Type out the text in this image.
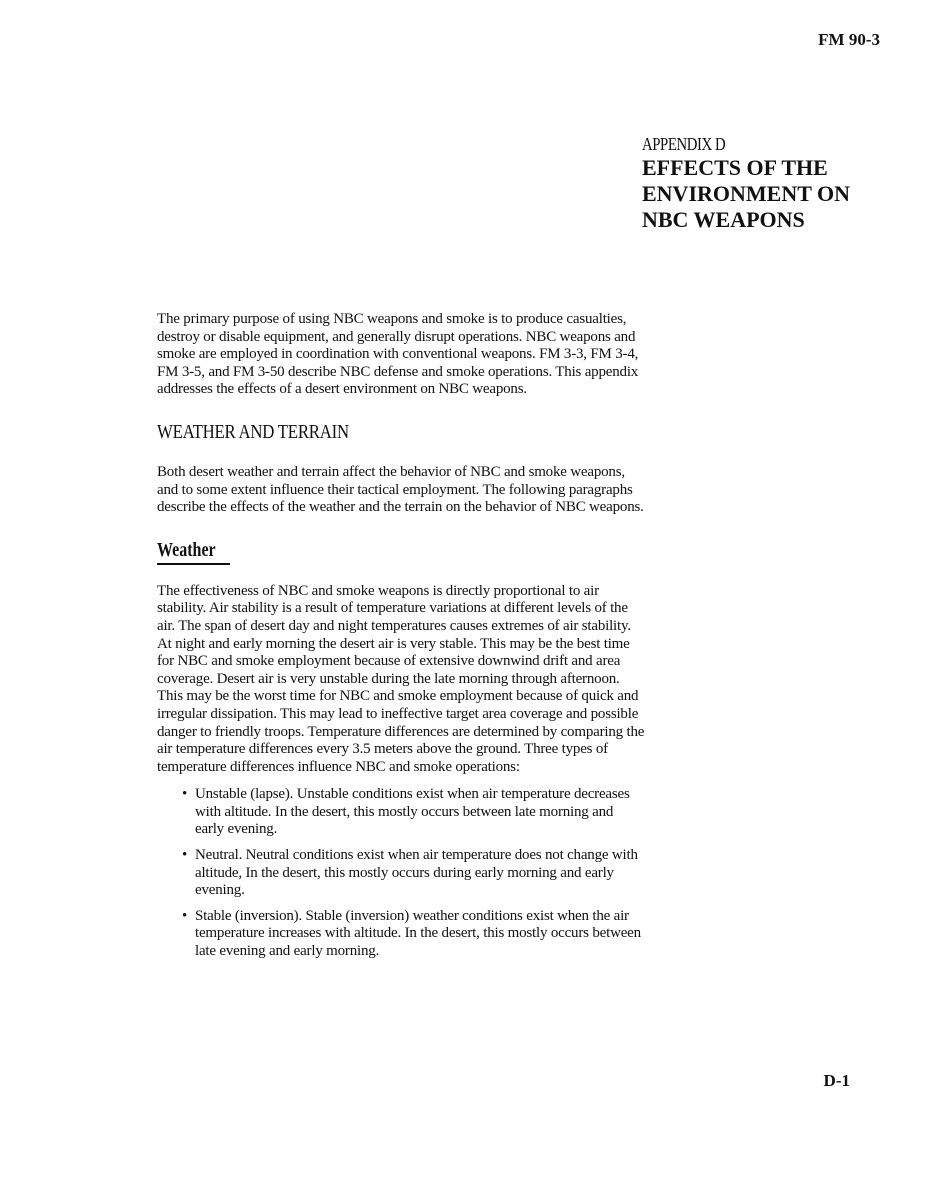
FM 90-3
APPENDIX D
EFFECTS OF THE
ENVIRONMENT ON
NBC WEAPONS

The primary purpose of using NBC weapons and smoke is to produce casualties, destroy or disable equipment, and generally disrupt operations. NBC weapons and smoke are employed in coordination with conventional weapons. FM 3-3, FM 3-4, FM 3-5, and FM 3-50 describe NBC defense and smoke operations. This appendix addresses the effects of a desert environment on NBC weapons.

WEATHER AND TERRAIN

Both desert weather and terrain affect the behavior of NBC and smoke weapons, and to some extent influence their tactical employment. The following paragraphs describe the effects of the weather and the terrain on the behavior of NBC weapons.

Weather

The effectiveness of NBC and smoke weapons is directly proportional to air stability. Air stability is a result of temperature variations at different levels of the air. The span of desert day and night temperatures causes extremes of air stability. At night and early morning the desert air is very stable. This may be the best time for NBC and smoke employment because of extensive downwind drift and area coverage. Desert air is very unstable during the late morning through afternoon. This may be the worst time for NBC and smoke employment because of quick and irregular dissipation. This may lead to ineffective target area coverage and possible danger to friendly troops. Temperature differences are determined by comparing the air temperature differences every 3.5 meters above the ground. Three types of temperature differences influence NBC and smoke operations:

• Unstable (lapse). Unstable conditions exist when air temperature decreases with altitude. In the desert, this mostly occurs between late morning and early evening.
• Neutral. Neutral conditions exist when air temperature does not change with altitude, In the desert, this mostly occurs during early morning and early evening.
• Stable (inversion). Stable (inversion) weather conditions exist when the air temperature increases with altitude. In the desert, this mostly occurs between late evening and early morning.
D-1
